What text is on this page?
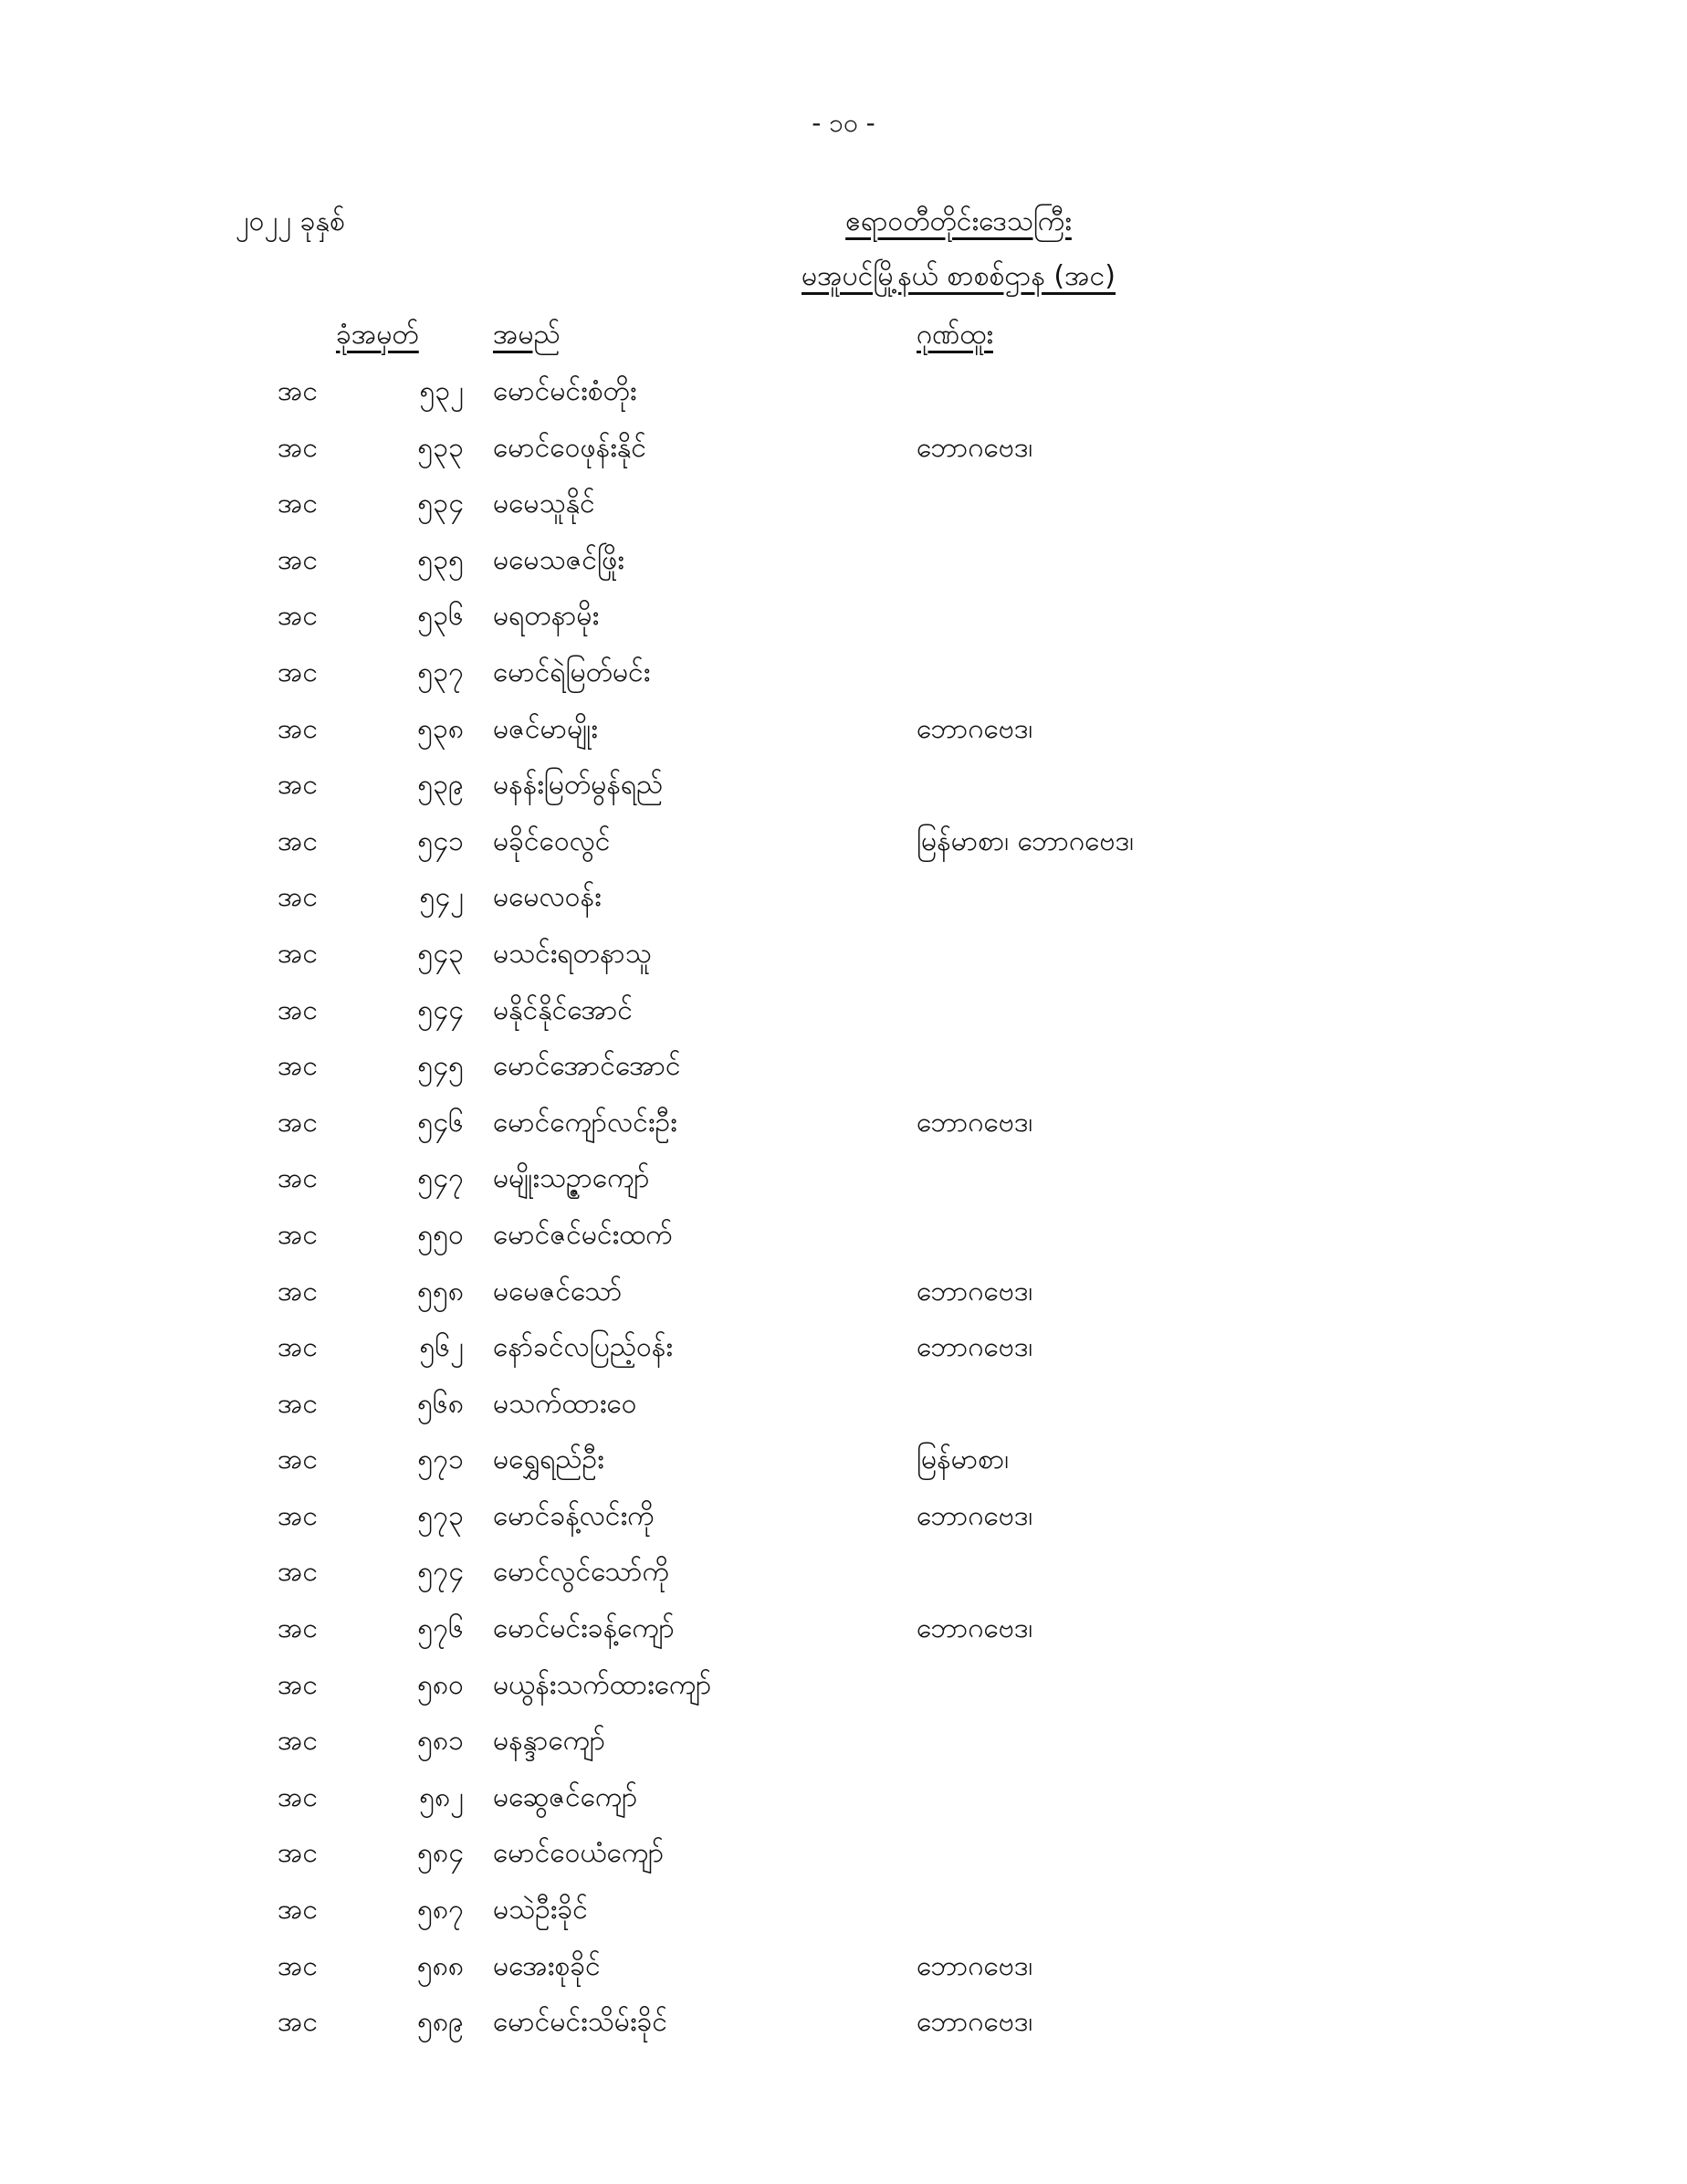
- ၁၀ -
၂၀၂၂ ခုနှစ်	ဧရာဝတီတိုင်းဒေသကြီး
မအူပင်မြို့နယ် စာစစ်ဌာန (အင)
ခုံအမှတ်	အမည်	ဂုဏ်ထူး
အင	၅၃၂ မောင်မင်းစံတိုး
အင	၅၃၃ မောင်ဝေဖုန်းနိုင်	ဘောဂဗေဒ၊
အင	၅၃၄ မမေသူနိုင်
အင	၅၃၅ မမေသဇင်ဖြိုး
အင	၅၃၆ မရတနာမိုး
အင	၅၃၇ မောင်ရဲမြတ်မင်း
အင	၅၃၈ မဇင်မာမျိုး	ဘောဂဗေဒ၊
အင	၅၃၉ မနန်းမြတ်မွန်ရည်
အင	၅၄၁ မခိုင်ဝေလွင်	မြန်မာစာ၊ ဘောဂဗေဒ၊
အင	၅၄၂ မမေလဝန်း
အင	၅၄၃ မသင်းရတနာသူ
အင	၅၄၄ မနိုင်နိုင်အောင်
အင	၅၄၅ မောင်အောင်အောင်
အင	၅၄၆ မောင်ကျော်လင်းဦး	ဘောဂဗေဒ၊
အင	၅၄၇ မမျိုးသဉ္ဇာကျော်
အင	၅၅၀ မောင်ဇင်မင်းထက်
အင	၅၅၈ မမေဇင်သော်	ဘောဂဗေဒ၊
အင	၅၆၂ နော်ခင်လပြည့်ဝန်း	ဘောဂဗေဒ၊
အင	၅၆၈ မသက်ထားဝေ
အင	၅၇၁ မရွှေရည်ဦး	မြန်မာစာ၊
အင	၅၇၃ မောင်ခန့်လင်းကို	ဘောဂဗေဒ၊
အင	၅၇၄ မောင်လွင်သော်ကို
အင	၅၇၆ မောင်မင်းခန့်ကျော်	ဘောဂဗေဒ၊
အင	၅၈၀ မယွန်းသက်ထားကျော်
အင	၅၈၁ မနန္ဒာကျော်
အင	၅၈၂ မဆွေဇင်ကျော်
အင	၅၈၄ မောင်ဝေယံကျော်
အင	၅၈၇ မသဲဦးခိုင်
အင	၅၈၈ မအေးစုခိုင်	ဘောဂဗေဒ၊
အင	၅၈၉ မောင်မင်းသိမ်းခိုင်	ဘောဂဗေဒ၊
